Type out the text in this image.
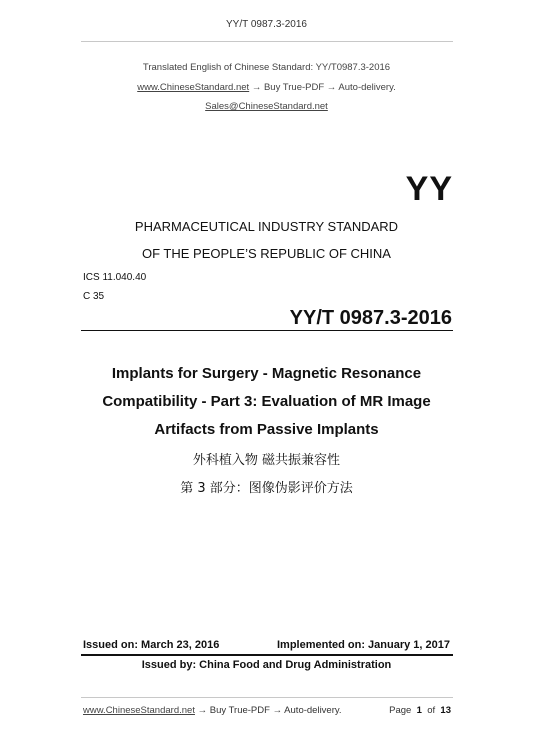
YY/T 0987.3-2016
Translated English of Chinese Standard: YY/T0987.3-2016
www.ChineseStandard.net → Buy True-PDF → Auto-delivery.
Sales@ChineseStandard.net
YY
PHARMACEUTICAL INDUSTRY STANDARD
OF THE PEOPLE’S REPUBLIC OF CHINA
ICS 11.040.40
C 35
YY/T 0987.3-2016
Implants for Surgery - Magnetic Resonance
Compatibility - Part 3: Evaluation of MR Image
Artifacts from Passive Implants
外科植入物 磁共振兼容性
第 3 部分：图像伪影评价方法
Issued on: March 23, 2016	Implemented on: January 1, 2017
Issued by: China Food and Drug Administration
www.ChineseStandard.net → Buy True-PDF → Auto-delivery.	Page 1 of 13
